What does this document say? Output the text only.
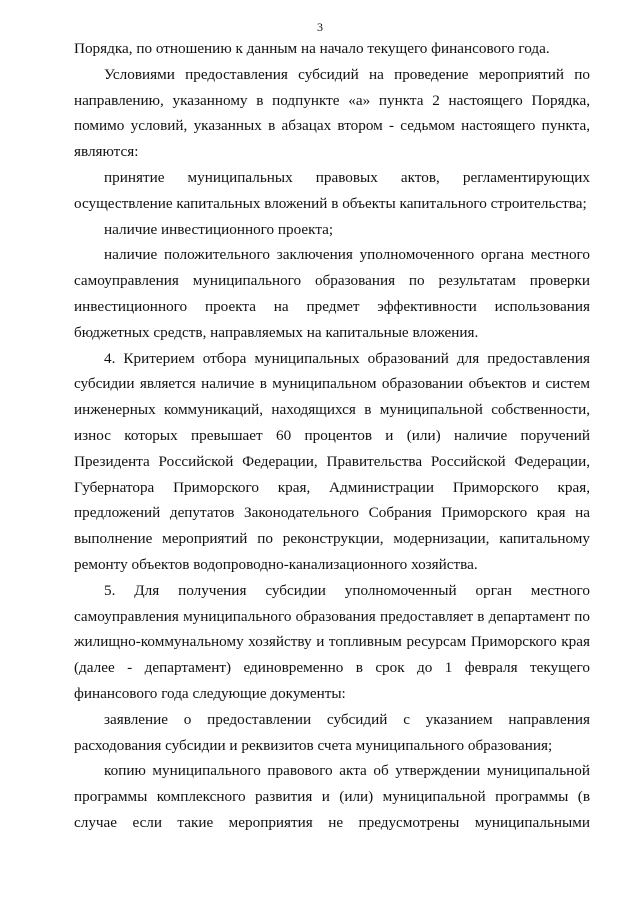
3

Порядка, по отношению к данным на начало текущего финансового года.

Условиями предоставления субсидий на проведение мероприятий по направлению, указанному в подпункте «а» пункта 2 настоящего Порядка, помимо условий, указанных в абзацах втором - седьмом настоящего пункта, являются:

принятие муниципальных правовых актов, регламентирующих осуществление капитальных вложений в объекты капитального строительства;

наличие инвестиционного проекта;

наличие положительного заключения уполномоченного органа местного самоуправления муниципального образования по результатам проверки инвестиционного проекта на предмет эффективности использования бюджетных средств, направляемых на капитальные вложения.

4. Критерием отбора муниципальных образований для предоставления субсидии является наличие в муниципальном образовании объектов и систем инженерных коммуникаций, находящихся в муниципальной собственности, износ которых превышает 60 процентов и (или) наличие поручений Президента Российской Федерации, Правительства Российской Федерации, Губернатора Приморского края, Администрации Приморского края, предложений депутатов Законодательного Собрания Приморского края на выполнение мероприятий по реконструкции, модернизации, капитальному ремонту объектов водопроводно-канализационного хозяйства.

5. Для получения субсидии уполномоченный орган местного самоуправления муниципального образования предоставляет в департамент по жилищно-коммунальному хозяйству и топливным ресурсам Приморского края (далее - департамент) единовременно в срок до 1 февраля текущего финансового года следующие документы:

заявление о предоставлении субсидий с указанием направления расходования субсидии и реквизитов счета муниципального образования;

копию муниципального правового акта об утверждении муниципальной программы комплексного развития и (или) муниципальной программы (в случае если такие мероприятия не предусмотрены муниципальными
